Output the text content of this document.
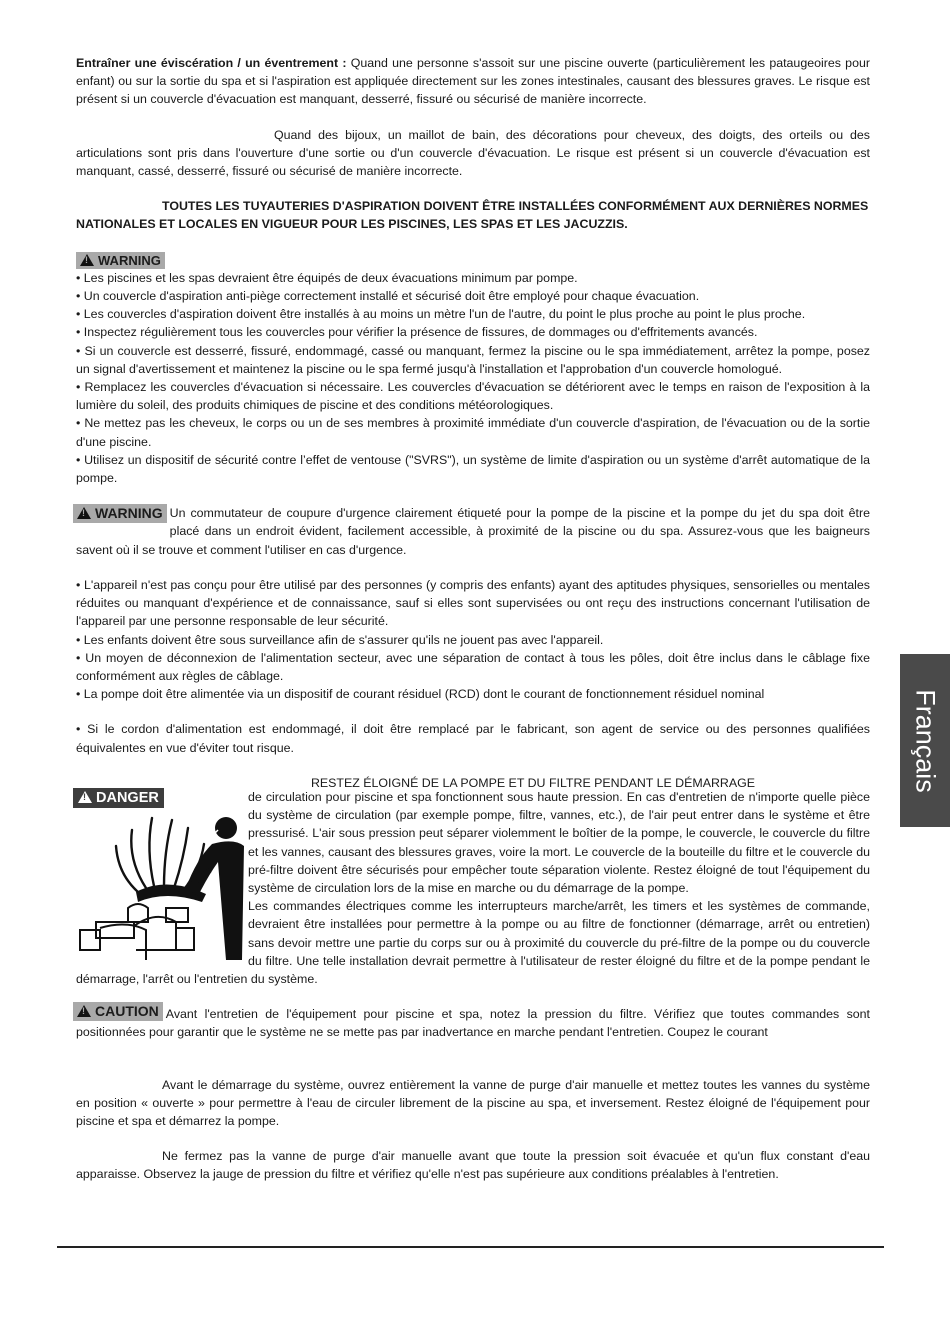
Entraîner une éviscération / un éventrement : Quand une personne s'assoit sur une piscine ouverte (particulièrement les pataugeoires pour enfant) ou sur la sortie du spa et si l'aspiration est appliquée directement sur les zones intestinales, causant des blessures graves. Le risque est présent si un couvercle d'évacuation est manquant, desserré, fissuré ou sécurisé de manière incorrecte.

Quand des bijoux, un maillot de bain, des décorations pour cheveux, des doigts, des orteils ou des articulations sont pris dans l'ouverture d'une sortie ou d'un couvercle d'évacuation. Le risque est présent si un couvercle d'évacuation est manquant, cassé, desserré, fissuré ou sécurisé de manière incorrecte.

TOUTES LES TUYAUTERIES D'ASPIRATION DOIVENT ÊTRE INSTALLÉES CONFORMÉMENT AUX DERNIÈRES NORMES NATIONALES ET LOCALES EN VIGUEUR POUR LES PISCINES, LES SPAS ET LES JACUZZIS.

!WARNING

• Les piscines et les spas devraient être équipés de deux évacuations minimum par pompe.

• Un couvercle d'aspiration anti-piège correctement installé et sécurisé doit être employé pour chaque évacuation.

• Les couvercles d'aspiration doivent être installés à au moins un mètre l'un de l'autre, du point le plus proche au point le plus proche.

• Inspectez régulièrement tous les couvercles pour vérifier la présence de fissures, de dommages ou d'effritements avancés.

• Si un couvercle est desserré, fissuré, endommagé, cassé ou manquant, fermez la piscine ou le spa immédiatement, arrêtez la pompe, posez un signal d'avertissement et maintenez la piscine ou le spa fermé jusqu'à l'installation et l'approbation d'un couvercle homologué.

• Remplacez les couvercles d'évacuation si nécessaire. Les couvercles d'évacuation se détériorent avec le temps en raison de l'exposition à la lumière du soleil, des produits chimiques de piscine et des conditions météorologiques.

• Ne mettez pas les cheveux, le corps ou un de ses membres à proximité immédiate d'un couvercle d'aspiration, de l'évacuation ou de la sortie d'une piscine.

• Utilisez un dispositif de sécurité contre l’effet de ventouse ("SVRS"), un système de limite d'aspiration ou un système d'arrêt automatique de la pompe.

!WARNING Un commutateur de coupure d'urgence clairement étiqueté pour la pompe de la piscine et la pompe du jet du spa doit être placé dans un endroit évident, facilement accessible, à proximité de la piscine ou du spa. Assurez-vous que les baigneurs savent où il se trouve et comment l'utiliser en cas d'urgence.

• L'appareil n'est pas conçu pour être utilisé par des personnes (y compris des enfants) ayant des aptitudes physiques, sensorielles ou mentales réduites ou manquant d'expérience et de connaissance, sauf si elles sont supervisées ou ont reçu des instructions concernant l'utilisation de l'appareil par une personne responsable de leur sécurité.

• Les enfants doivent être sous surveillance afin de s'assurer qu'ils ne jouent pas avec l'appareil.

• Un moyen de déconnexion de l'alimentation secteur, avec une séparation de contact à tous les pôles, doit être inclus dans le câblage fixe conformément aux règles de câblage.

• La pompe doit être alimentée via un dispositif de courant résiduel (RCD) dont le courant de fonctionnement résiduel nominal

• Si le cordon d'alimentation est endommagé, il doit être remplacé par le fabricant, son agent de service ou des personnes qualifiées équivalentes en vue d'éviter tout risque.

RESTEZ ÉLOIGNÉ DE LA POMPE ET DU FILTRE PENDANT LE DÉMARRAGE

!DANGER	de circulation pour piscine et spa fonctionnent sous haute pression. En cas d'entretien de n'importe quelle pièce du système de circulation (par exemple pompe, filtre, vannes, etc.), de l'air peut entrer dans le système et être pressurisé. L'air sous pression peut séparer violemment le boîtier de la pompe, le couvercle, le couvercle du filtre et les vannes, causant des blessures graves, voire la mort. Le couvercle de la bouteille du filtre et le couvercle du pré-filtre doivent être sécurisés pour empêcher toute séparation violente. Restez éloigné de tout l'équipement du système de circulation lors de la mise en marche ou du démarrage de la pompe.

Les commandes électriques comme les interrupteurs marche/arrêt, les timers et les systèmes de commande, devraient être installées pour permettre à la pompe ou au filtre de fonctionner (démarrage, arrêt ou entretien) sans devoir mettre une partie du corps sur ou à proximité du couvercle du pré-filtre de la pompe ou du couvercle du filtre. Une telle installation devrait permettre à l'utilisateur de rester éloigné du filtre et de la pompe pendant le démarrage, l'arrêt ou l'entretien du système.

!CAUTION Avant l'entretien de l'équipement pour piscine et spa, notez la pression du filtre. Vérifiez que toutes commandes sont positionnées pour garantir que le système ne se mette pas par inadvertance en marche pendant l'entretien. Coupez le courant

Avant le démarrage du système, ouvrez entièrement la vanne de purge d'air manuelle et mettez toutes les vannes du système en position « ouverte » pour permettre à l'eau de circuler librement de la piscine au spa, et inversement. Restez éloigné de l'équipement pour piscine et spa et démarrez la pompe.

Ne fermez pas la vanne de purge d'air manuelle avant que toute la pression soit évacuée et qu'un flux constant d'eau apparaisse. Observez la jauge de pression du filtre et vérifiez qu'elle n'est pas supérieure aux conditions préalables à l'entretien.

Français
